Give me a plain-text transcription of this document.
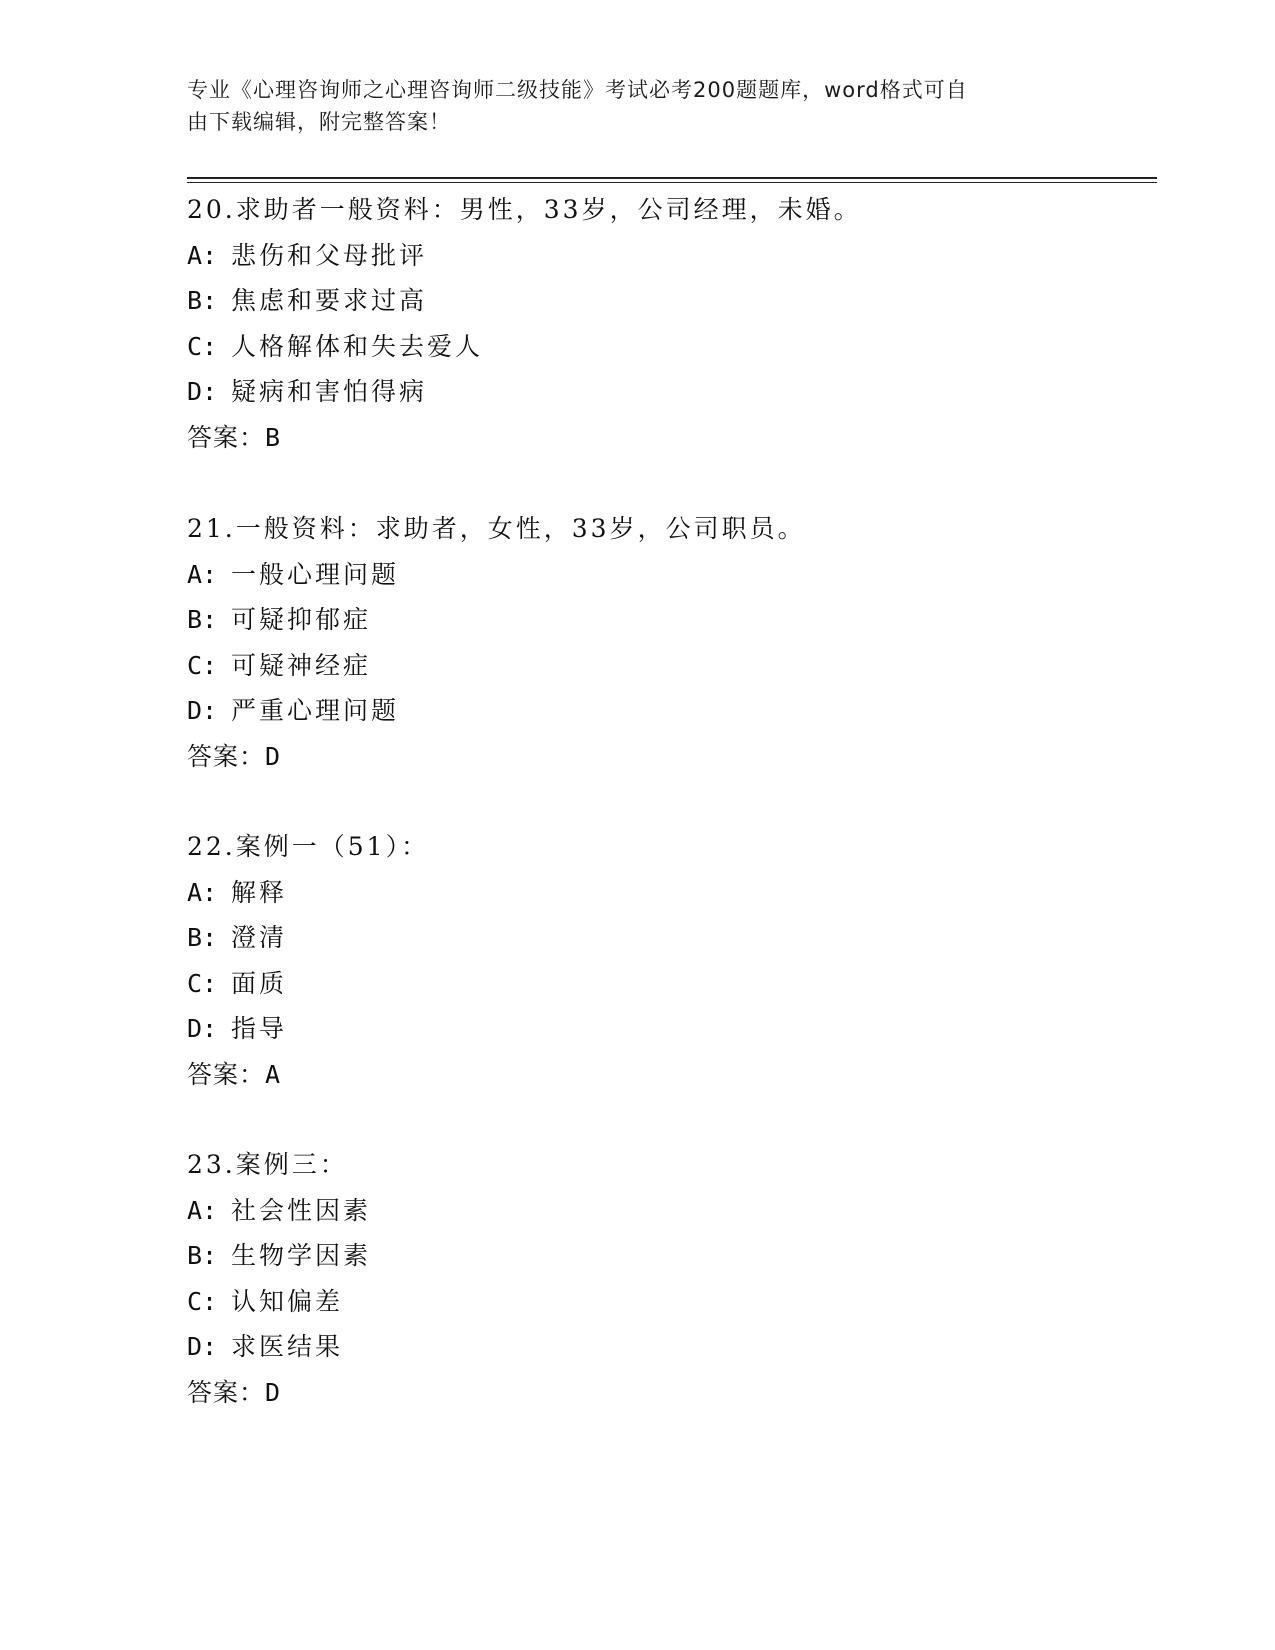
专业《心理咨询师之心理咨询师二级技能》考试必考200题题库，word格式可自
由下载编辑，附完整答案！
20.求助者一般资料：男性，33岁，公司经理，未婚。
A: 悲伤和父母批评
B: 焦虑和要求过高
C: 人格解体和失去爱人
D: 疑病和害怕得病
答案：B
21.一般资料：求助者，女性，33岁，公司职员。
A: 一般心理问题
B: 可疑抑郁症
C: 可疑神经症
D: 严重心理问题
答案：D
22.案例一（51）：
A: 解释
B: 澄清
C: 面质
D: 指导
答案：A
23.案例三：
A: 社会性因素
B: 生物学因素
C: 认知偏差
D: 求医结果
答案：D
